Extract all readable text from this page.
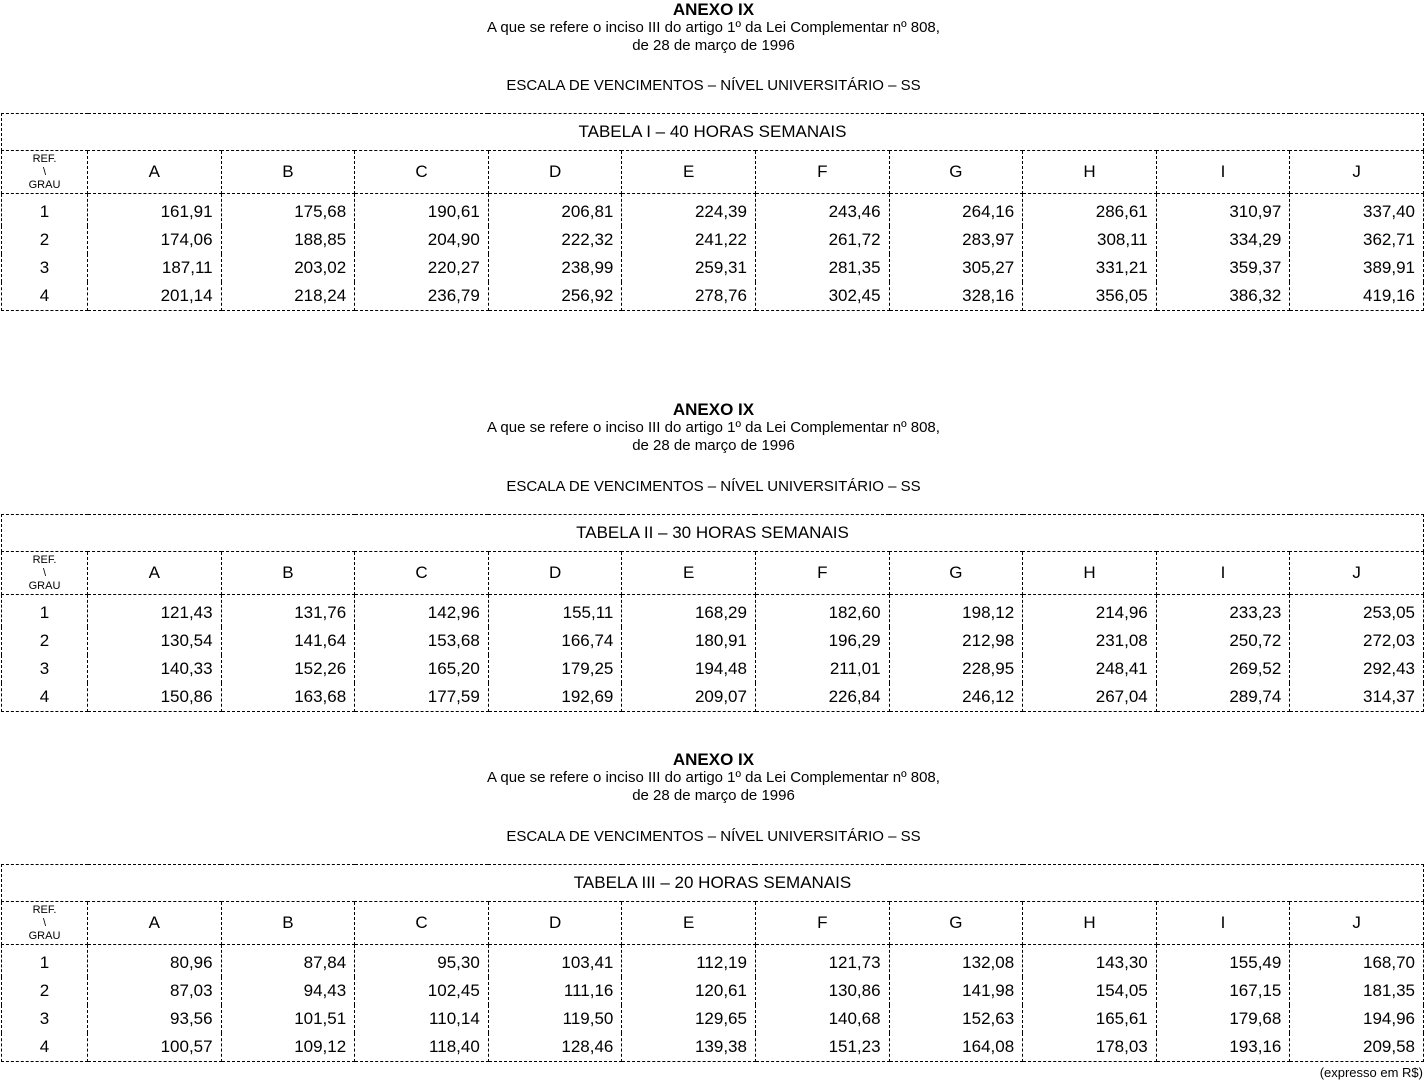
ANEXO IX
A que se refere o inciso III do artigo 1º da Lei Complementar nº 808,
de 28 de março de 1996
ESCALA DE VENCIMENTOS – NÍVEL UNIVERSITÁRIO – SS
TABELA I – 40 HORAS SEMANAIS										

REF.
\
GRAU	A	B	C	D	E	F	G	H	I	J
1	161,91	175,68	190,61	206,81	224,39	243,46	264,16	286,61	310,97	337,40
2	174,06	188,85	204,90	222,32	241,22	261,72	283,97	308,11	334,29	362,71
3	187,11	203,02	220,27	238,99	259,31	281,35	305,27	331,21	359,37	389,91
4	201,14	218,24	236,79	256,92	278,76	302,45	328,16	356,05	386,32	419,16
ANEXO IX
A que se refere o inciso III do artigo 1º da Lei Complementar nº 808,
de 28 de março de 1996
ESCALA DE VENCIMENTOS – NÍVEL UNIVERSITÁRIO – SS
TABELA II – 30 HORAS SEMANAIS										

REF.
\
GRAU	A	B	C	D	E	F	G	H	I	J
1	121,43	131,76	142,96	155,11	168,29	182,60	198,12	214,96	233,23	253,05
2	130,54	141,64	153,68	166,74	180,91	196,29	212,98	231,08	250,72	272,03
3	140,33	152,26	165,20	179,25	194,48	211,01	228,95	248,41	269,52	292,43
4	150,86	163,68	177,59	192,69	209,07	226,84	246,12	267,04	289,74	314,37
ANEXO IX
A que se refere o inciso III do artigo 1º da Lei Complementar nº 808,
de 28 de março de 1996
ESCALA DE VENCIMENTOS – NÍVEL UNIVERSITÁRIO – SS
TABELA III – 20 HORAS SEMANAIS										

REF.
\
GRAU	A	B	C	D	E	F	G	H	I	J
1	80,96	87,84	95,30	103,41	112,19	121,73	132,08	143,30	155,49	168,70
2	87,03	94,43	102,45	111,16	120,61	130,86	141,98	154,05	167,15	181,35
3	93,56	101,51	110,14	119,50	129,65	140,68	152,63	165,61	179,68	194,96
4	100,57	109,12	118,40	128,46	139,38	151,23	164,08	178,03	193,16	209,58
(expresso em R$)
